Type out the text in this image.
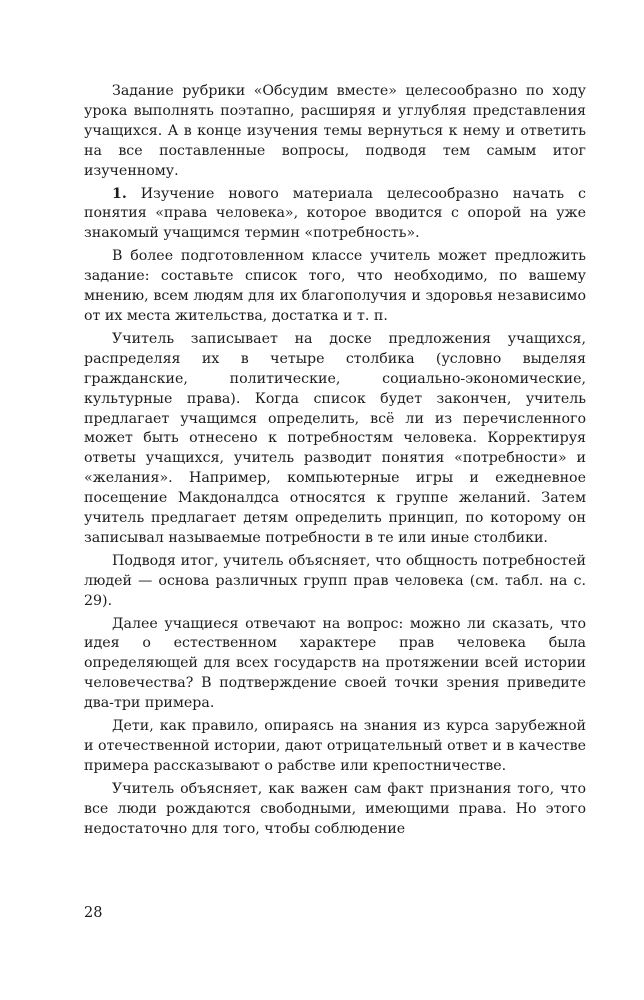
Задание рубрики «Обсудим вместе» целесообразно по ходу урока выполнять поэтапно, расширяя и углубляя представления учащихся. А в конце изучения темы вернуться к нему и ответить на все поставленные вопросы, подводя тем самым итог изученному.

1. Изучение нового материала целесообразно начать с понятия «права человека», которое вводится с опорой на уже знакомый учащимся термин «потребность».

В более подготовленном классе учитель может предложить задание: составьте список того, что необходимо, по вашему мнению, всем людям для их благополучия и здоровья независимо от их места жительства, достатка и т. п.

Учитель записывает на доске предложения учащихся, распределяя их в четыре столбика (условно выделяя гражданские, политические, социально-экономические, культурные права). Когда список будет закончен, учитель предлагает учащимся определить, всё ли из перечисленного может быть отнесено к потребностям человека. Корректируя ответы учащихся, учитель разводит понятия «потребности» и «желания». Например, компьютерные игры и ежедневное посещение Макдоналдса относятся к группе желаний. Затем учитель предлагает детям определить принцип, по которому он записывал называемые потребности в те или иные столбики.

Подводя итог, учитель объясняет, что общность потребностей людей — основа различных групп прав человека (см. табл. на с. 29).

Далее учащиеся отвечают на вопрос: можно ли сказать, что идея о естественном характере прав человека была определяющей для всех государств на протяжении всей истории человечества? В подтверждение своей точки зрения приведите два-три примера.

Дети, как правило, опираясь на знания из курса зарубежной и отечественной истории, дают отрицательный ответ и в качестве примера рассказывают о рабстве или крепостничестве.

Учитель объясняет, как важен сам факт признания того, что все люди рождаются свободными, имеющими права. Но этого недостаточно для того, чтобы соблюдение

28
